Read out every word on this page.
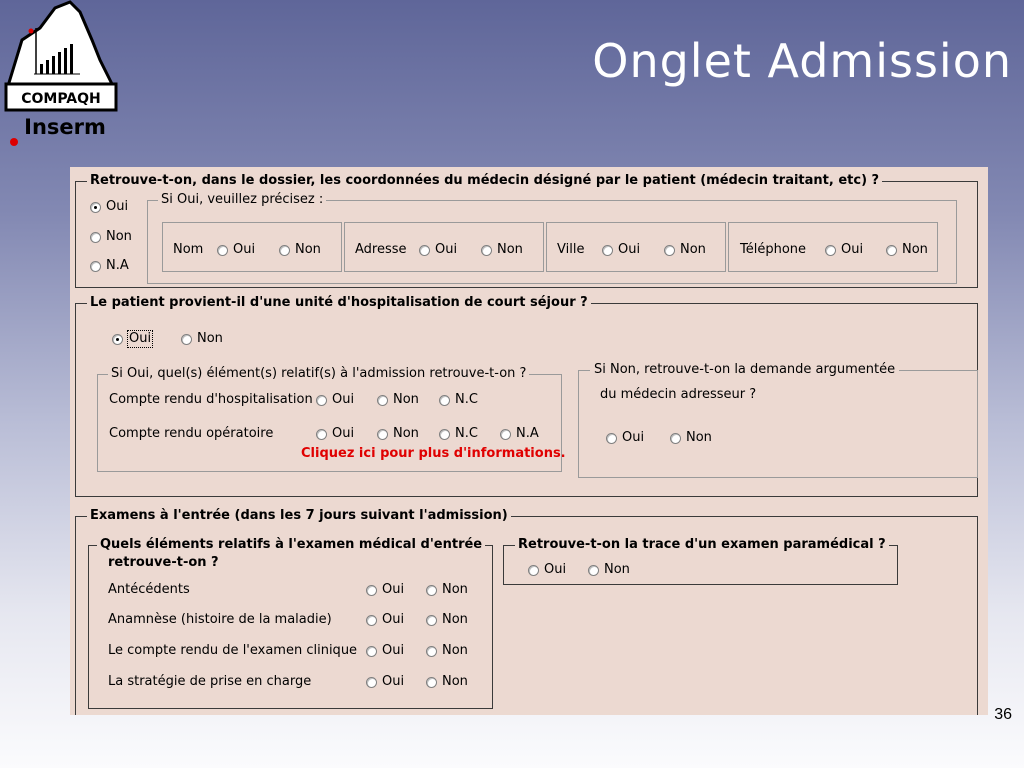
COMPAQH
Inserm
Onglet Admission
36
Retrouve-t-on, dans le dossier, les coordonnées du médecin désigné par le patient (médecin traitant, etc) ?
Oui
Non
N.A
Si Oui, veuillez précisez :
Nom Oui	Non	Adresse Oui	Non	Ville	Oui	Non	Téléphone	Oui	Non
Le patient provient-il d'une unité d'hospitalisation de court séjour ?
Oui	Non
Si Oui, quel(s) élément(s) relatif(s) à l'admission retrouve-t-on ?
Compte rendu d'hospitalisation Oui	Non	N.C
Compte rendu opératoire	Oui	Non	N.C	N.A
Cliquez ici pour plus d'informations.
Si Non, retrouve-t-on la demande argumentée
du médecin adresseur ?
Oui	Non
Examens à l'entrée (dans les 7 jours suivant l'admission)
Quels éléments relatifs à l'examen médical d'entrée
retrouve-t-on ?
Antécédents	Oui	Non
Anamnèse (histoire de la maladie)	Oui	Non
Le compte rendu de l'examen clinique Oui	Non
La stratégie de prise en charge	Oui	Non
Retrouve-t-on la trace d'un examen paramédical ?
Oui	Non
